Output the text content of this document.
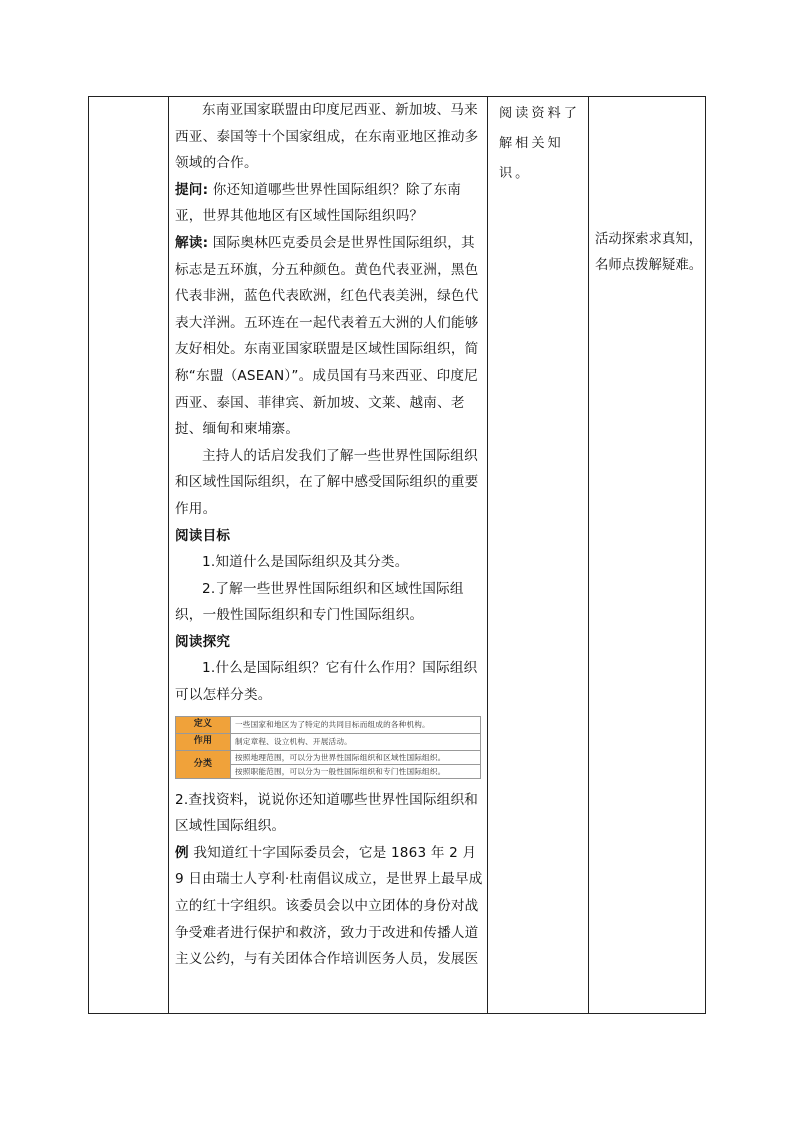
东南亚国家联盟由印度尼西亚、新加坡、马来西亚、泰国等十个国家组成，在东南亚地区推动多领域的合作。

提问: 你还知道哪些世界性国际组织？除了东南亚，世界其他地区有区域性国际组织吗？

解读: 国际奥林匹克委员会是世界性国际组织，其标志是五环旗，分五种颜色。黄色代表亚洲，黑色代表非洲，蓝色代表欧洲，红色代表美洲，绿色代表大洋洲。五环连在一起代表着五大洲的人们能够友好相处。东南亚国家联盟是区域性国际组织，简称“东盟（ASEAN）”。成员国有马来西亚、印度尼西亚、泰国、菲律宾、新加坡、文莱、越南、老挝、缅甸和柬埔寨。

主持人的话启发我们了解一些世界性国际组织和区域性国际组织，在了解中感受国际组织的重要作用。

阅读目标

1.知道什么是国际组织及其分类。

2.了解一些世界性国际组织和区域性国际组织，一般性国际组织和专门性国际组织。

阅读探究

1.什么是国际组织？它有什么作用？国际组织可以怎样分类。

定义	一些国家和地区为了特定的共同目标而组成的各种机构。
作用	制定章程、设立机构、开展活动。
分类	按照地理范围，可以分为世界性国际组织和区域性国际组织。
	按照职能范围，可以分为一般性国际组织和专门性国际组织。

2.查找资料，说说你还知道哪些世界性国际组织和区域性国际组织。

例 我知道红十字国际委员会，它是 1863 年 2 月 9 日由瑞士人亨利·杜南倡议成立，是世界上最早成立的红十字组织。该委员会以中立团体的身份对战争受难者进行保护和救济，致力于改进和传播人道主义公约，与有关团体合作培训医务人员，发展医

阅读资料了解相关知识。

活动探索求真知，名师点拨解疑难。
